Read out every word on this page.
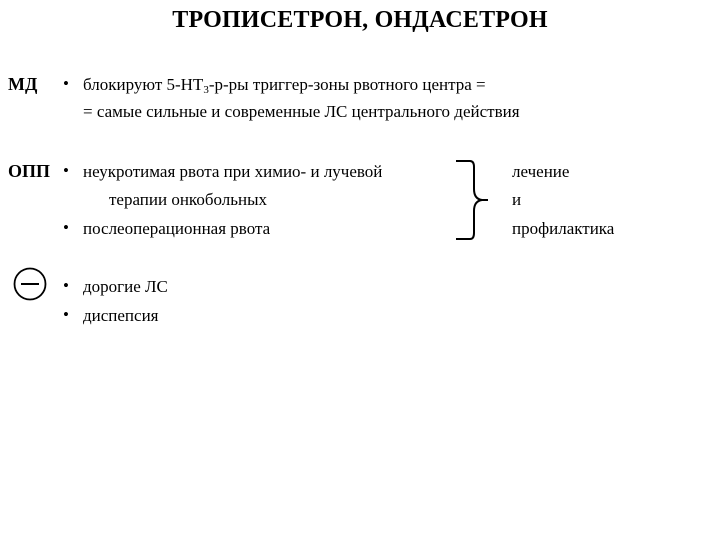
ТРОПИСЕТРОН, ОНДАСЕТРОН
МД • блокируют $5-НТ_3-р-ры$ триггер-зоны рвотного центра =
= самые сильные и современные ЛС центрального действия
ОПП • неукротимая рвота при химио- и лучевой
терапии онкобольных
• послеоперационная рвота
лечение
и
профилактика
• дорогие ЛС
• диспепсия
